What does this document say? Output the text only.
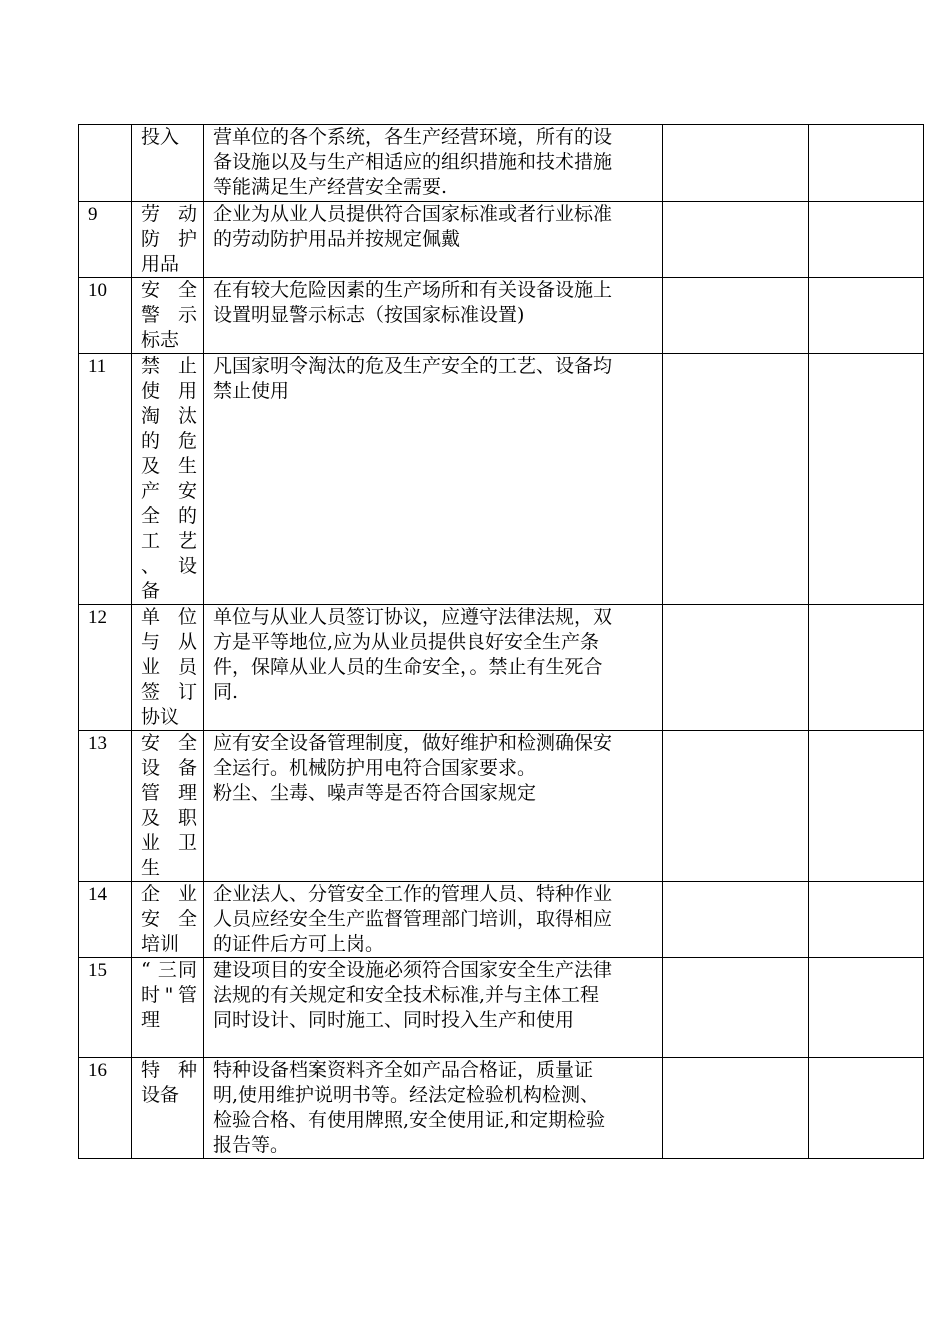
	投入	营单位的各个系统，各生产经营环境，所有的设
备设施以及与生产相适应的组织措施和技术措施
等能满足生产经营安全需要.		

9	劳 动防 护用品	企业为从业人员提供符合国家标准或者行业标准
的劳动防护用品并按规定佩戴		

10	安 全警 示标志	在有较大危险因素的生产场所和有关设备设施上
设置明显警示标志（按国家标准设置)		

11	禁 止使 用淘 汰的 危及 生产 安全 的工艺 、设备	凡国家明令淘汰的危及生产安全的工艺、设备均
禁止使用		

12	单 位与 从业 员签 订协议	单位与从业人员签订协议，应遵守法律法规，双
方是平等地位,应为从业员提供良好安全生产条
件，保障从业人员的生命安全，。禁止有生死合
同.		

13	安 全设 备管 理及 职业 卫生	应有安全设备管理制度，做好维护和检测确保安
全运行。机械防护用电符合国家要求。
粉尘、尘毒、噪声等是否符合国家规定		

14	企 业安 全培训	企业法人、分管安全工作的管理人员、特种作业
人员应经安全生产监督管理部门培训，取得相应
的证件后方可上岗。		

15	“ 三同时"管理	建设项目的安全设施必须符合国家安全生产法律
法规的有关规定和安全技术标准,并与主体工程
同时设计、同时施工、同时投入生产和使用		

16	特 种设备	特种设备档案资料齐全如产品合格证，质量证
明,使用维护说明书等。经法定检验机构检测、
检验合格、有使用牌照,安全使用证,和定期检验
报告等。		
